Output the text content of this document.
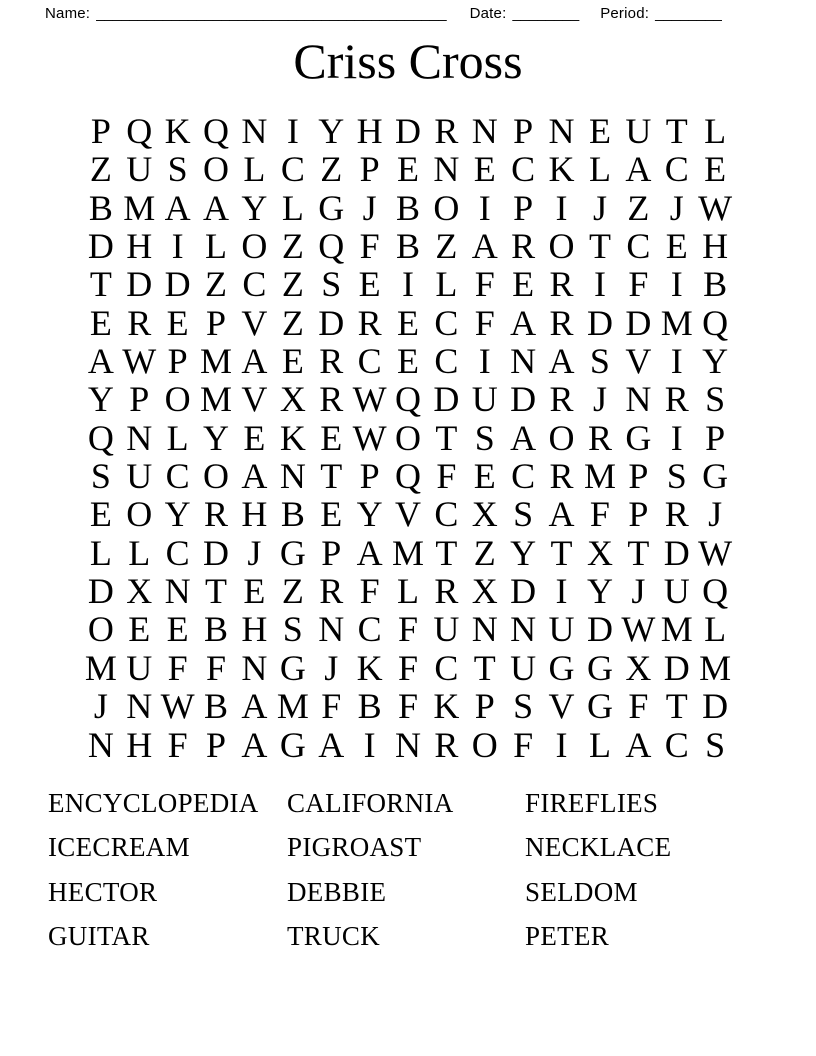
Name: __________________________________________ Date: ________ Period: ________
Criss Cross
P Q K Q N I Y H D R N P N E U T L
Z U S O L C Z P E N E C K L A C E
B M A A Y L G J B O I P I J Z J W
D H I L O Z Q F B Z A R O T C E H
T D D Z C Z S E I L F E R I F I B
E R E P V Z D R E C F A R D D M Q
A W P M A E R C E C I N A S V I Y
Y P O M V X R W Q D U D R J N R S
Q N L Y E K E W O T S A O R G I P
S U C O A N T P Q F E C R M P S G
E O Y R H B E Y V C X S A F P R J
L L C D J G P A M T Z Y T X T D W
D X N T E Z R F L R X D I Y J U Q
O E E B H S N C F U N N U D W M L
M U F F N G J K F C T U G G X D M
J N W B A M F B F K P S V G F T D
N H F P A G A I N R O F I L A C S
ENCYCLOPEDIA
ICECREAM
HECTOR
GUITAR
CALIFORNIA
PIGROAST
DEBBIE
TRUCK
FIREFLIES
NECKLACE
SELDOM
PETER
